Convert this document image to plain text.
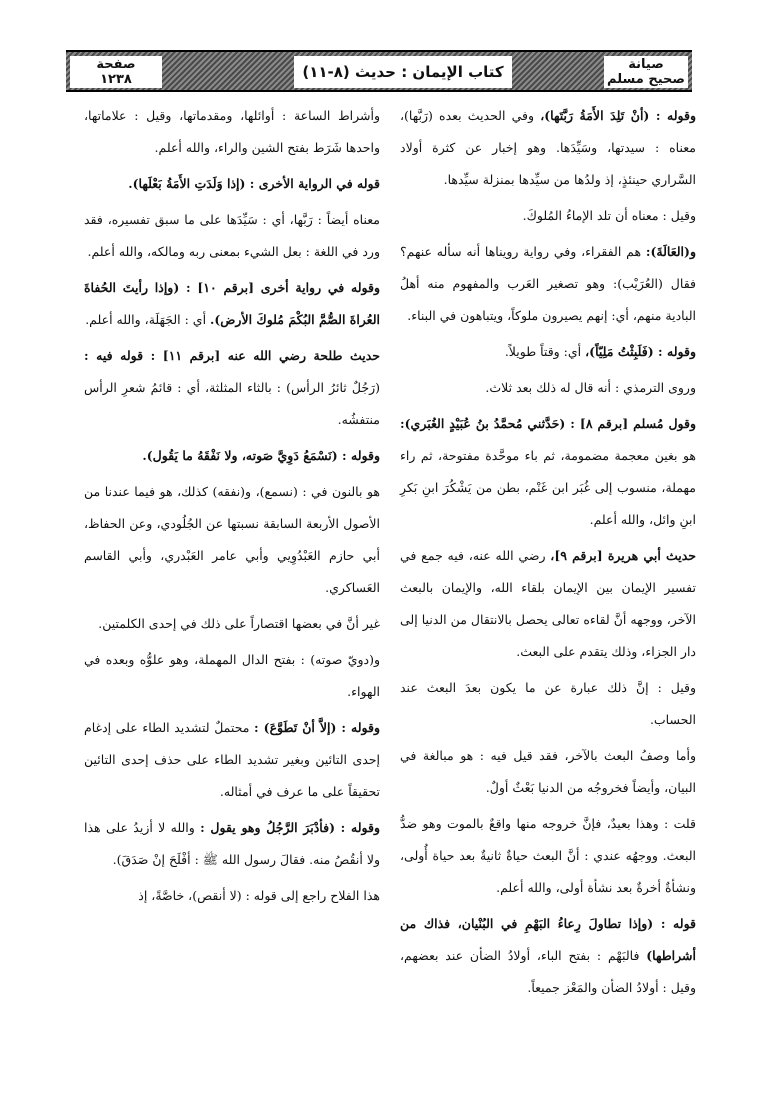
صيانة
صحيح مسلم
كتاب الإيمان : حديث (٨-١١)
صفحة
١٢٣٨

وقوله : (أنْ تَلِدَ الأَمَةُ رَبَّتَها)، وفي الحديث بعده (رَبَّها)، معناه : سيدتها، وسَيِّدَها. وهو إخبار عن كثرة أولاد السَّراري حينئذٍ، إذ ولدُها من سيِّدها بمنزلة سيِّدها.

وقيل : معناه أن تلد الإماءُ المُلوكَ.

و(العَالَةَ): هم الفقراء، وفي رواية رويناها أنه سأله عنهم؟ فقال (العُرَيْب): وهو تصغير العَرب والمفهوم منه أهلُ البادية منهم، أي: إنهم يصيرون ملوكاً، ويتباهون في البناء.

وقوله : (فَلَبِثْتُ مَلِيّاً)، أي: وقتاً طويلاً.

وروى الترمذي : أنه قال له ذلك بعد ثلاث.

وقول مُسلم [برقم ٨] : (حَدَّثني مُحمَّدُ بنُ عُبَيْدٍ الغُبَري): هو بغين معجمة مضمومة، ثم باء موحَّدة مفتوحة، ثم راء مهملة، منسوب إلى غُبَر ابن غَنْم، بطن من يَشْكُرَ ابنِ بَكرِ ابنِ وائل، والله أعلم.

حديث أبي هريرة [برقم ٩]، رضي الله عنه، فيه جمع في تفسير الإيمان بين الإيمان بلقاء الله، والإيمان بالبعث الآخر، ووجهه أنَّ لقاءه تعالى يحصل بالانتقال من الدنيا إلى دار الجزاء، وذلك يتقدم على البعث.

وقيل : إنَّ ذلك عبارة عن ما يكون بعدَ البعث عند الحساب.

وأما وصفُ البعث بالآخر، فقد قيل فيه : هو مبالغة في البيان، وأيضاً فخروجُه من الدنيا بَعْثٌ أولٌ.

قلت : وهذا بعيدٌ، فإنَّ خروجه منها واقعٌ بالموت وهو ضدُّ البعث. ووجهُه عندي : أنَّ البعث حياةٌ ثانيةٌ بعد حياة أُولى، ونشأةٌ أخرةٌ بعد نشأة أولى، والله أعلم.

قوله : (وإذا تطاولَ رِعاءُ البَهْمِ في البُنْيان، فذاك من أشراطها) فالبَهْم : بفتح الباء، أولادُ الضأن عند بعضهم، وقيل : أولادُ الضأن والمَعْز جميعاً.

وأشراط الساعة : أوائلها، ومقدماتها، وقيل : علاماتها، واحدها شَرَط بفتح الشين والراء، والله أعلم.

قوله في الرواية الأخرى : (إذا وَلَدَتِ الأَمَةُ بَعْلَها).

معناه أيضاً : رَبَّها، أي : سَيِّدَها على ما سبق تفسيره، فقد ورد في اللغة : بعل الشيء بمعنى ربه ومالكه، والله أعلم.

وقوله في رواية أخرى [برقم ١٠] : (وإذا رأيتَ الحُفاةَ العُراةَ الصُّمَّ البُكْمَ مُلوكَ الأرض). أي : الجَهَلَة، والله أعلم.

حديث طلحة رضي الله عنه [برقم ١١] : قوله فيه : (رَجُلٌ ثائرُ الرأس) : بالثاء المثلثة، أي : قائمُ شعرِ الرأس منتفشُه.

وقوله : (نَسْمَعُ دَوِيَّ صَوته، ولا نَفْقَهُ ما يَقُول).

هو بالنون في : (نسمع)، و(نفقه) كذلك، هو فيما عندنا من الأصول الأربعة السابقة نسبتها عن الجُلُودي، وعن الحفاظ، أبي حازم العَبْدُوِيي وأبي عامر العَبْدري، وأبي القاسم العَساكري.

غير أنَّ في بعضها اقتصاراً على ذلك في إحدى الكلمتين.

و(دويّ صوته) : بفتح الدال المهملة، وهو علوُّه وبعده في الهواء.

وقوله : (إلاَّ أنْ تَطَوَّعَ) : محتملٌ لتشديد الطاء على إدغام إحدى التائين وبغير تشديد الطاء على حذف إحدى التائين تحقيقاً على ما عرف في أمثاله.

وقوله : (فأدْبَرَ الرَّجُلُ وهو يقول : والله لا أزيدُ على هذا ولا أنقُصُ منه. فقالَ رسول الله ﷺ : أفْلَحَ إنْ صَدَقَ).

هذا الفلاح راجع إلى قوله : (لا أنقص)، خاصَّةً، إذ
